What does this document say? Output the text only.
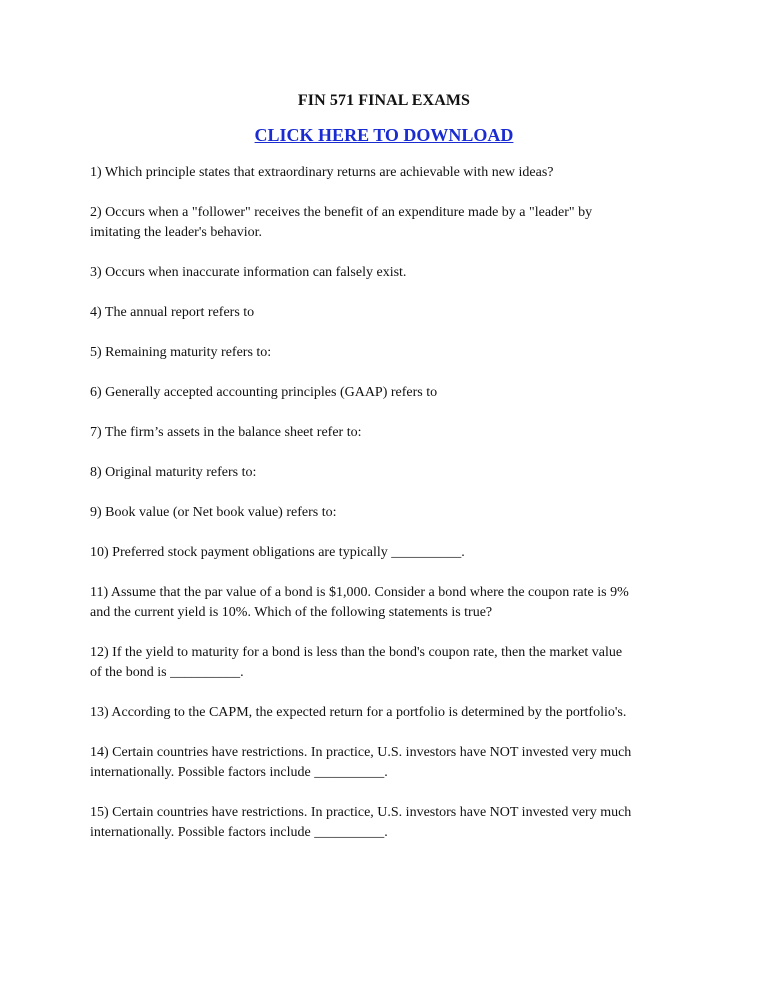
FIN 571 FINAL EXAMS
CLICK HERE TO DOWNLOAD

1) Which principle states that extraordinary returns are achievable with new ideas?

2) Occurs when a "follower" receives the benefit of an expenditure made by a "leader" by

imitating the leader's behavior.

3) Occurs when inaccurate information can falsely exist.

4) The annual report refers to

5) Remaining maturity refers to:

6) Generally accepted accounting principles (GAAP) refers to

7) The firm’s assets in the balance sheet refer to:

8) Original maturity refers to:

9) Book value (or Net book value) refers to:

10) Preferred stock payment obligations are typically __________.

11) Assume that the par value of a bond is $1,000. Consider a bond where the coupon rate is 9%

and the current yield is 10%. Which of the following statements is true?

12) If the yield to maturity for a bond is less than the bond's coupon rate, then the market value

of the bond is __________.

13) According to the CAPM, the expected return for a portfolio is determined by the portfolio's.

14) Certain countries have restrictions. In practice, U.S. investors have NOT invested very much

internationally. Possible factors include __________.

15) Certain countries have restrictions. In practice, U.S. investors have NOT invested very much

internationally. Possible factors include __________.
